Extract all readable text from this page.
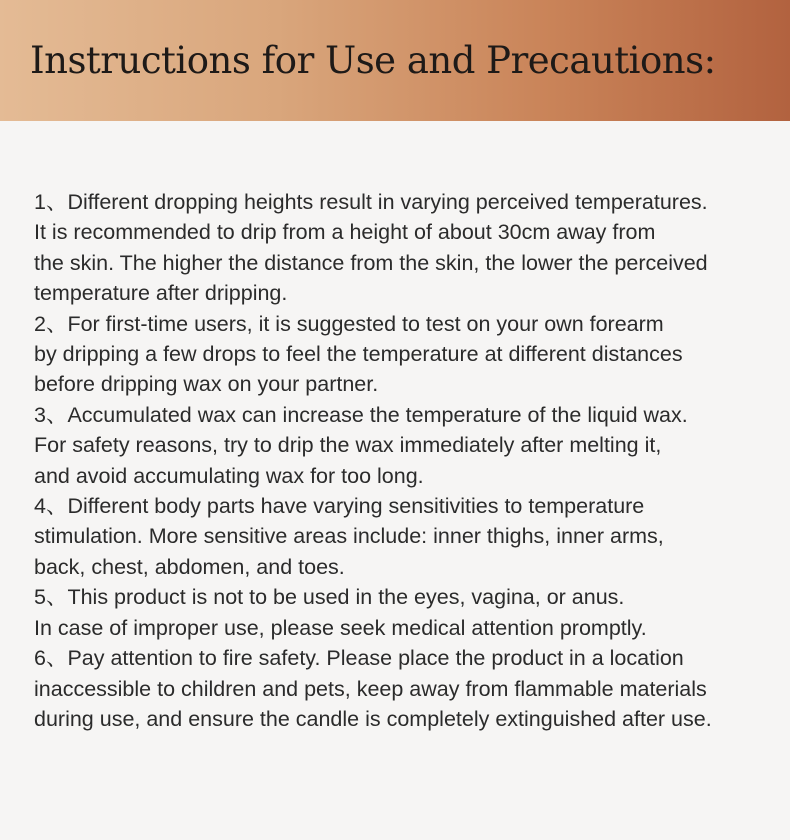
Instructions for Use and Precautions:
1、Different dropping heights result in varying perceived temperatures.
It is recommended to drip from a height of about 30cm away from
the skin. The higher the distance from the skin, the lower the perceived
temperature after dripping.
2、For first-time users, it is suggested to test on your own forearm
by dripping a few drops to feel the temperature at different distances
before dripping wax on your partner.
3、Accumulated wax can increase the temperature of the liquid wax.
For safety reasons, try to drip the wax immediately after melting it,
and avoid accumulating wax for too long.
4、Different body parts have varying sensitivities to temperature
stimulation. More sensitive areas include: inner thighs, inner arms,
back, chest, abdomen, and toes.
5、This product is not to be used in the eyes, vagina, or anus.
In case of improper use, please seek medical attention promptly.
6、Pay attention to fire safety. Please place the product in a location
inaccessible to children and pets, keep away from flammable materials
during use, and ensure the candle is completely extinguished after use.
